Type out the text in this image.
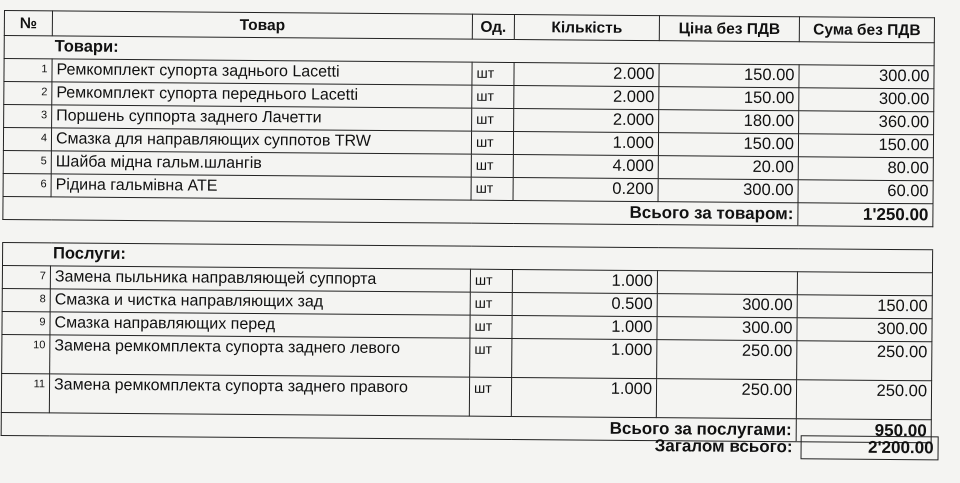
№	Товар	Од.	Кількість	Ціна без ПДВ	Сума без ПДВ
Товари:					
1	Ремкомплект супорта заднього Lacetti	шт	2.000	150.00	300.00
2	Ремкомплект супорта переднього Lacetti	шт	2.000	150.00	300.00
3	Поршень суппорта заднего Лачетти	шт	2.000	180.00	360.00
4	Смазка для направляющих суппотов TRW	шт	1.000	150.00	150.00
5	Шайба мідна гальм.шлангів	шт	4.000	20.00	80.00
6	Рідина гальмівна АТЕ	шт	0.200	300.00	60.00
Всього за товаром:					1'250.00

Послуги:					
7	Замена пыльника направляющей суппорта	шт	1.000		
8	Смазка и чистка направляющих зад	шт	0.500	300.00	150.00
9	Смазка направляющих перед	шт	1.000	300.00	300.00
10	Замена ремкомплекта супорта заднего левого	шт	1.000	250.00	250.00
11	Замена ремкомплекта супорта заднего правого	шт	1.000	250.00	250.00
Всього за послугами:					950.00
Загалом всього:	2'200.00
